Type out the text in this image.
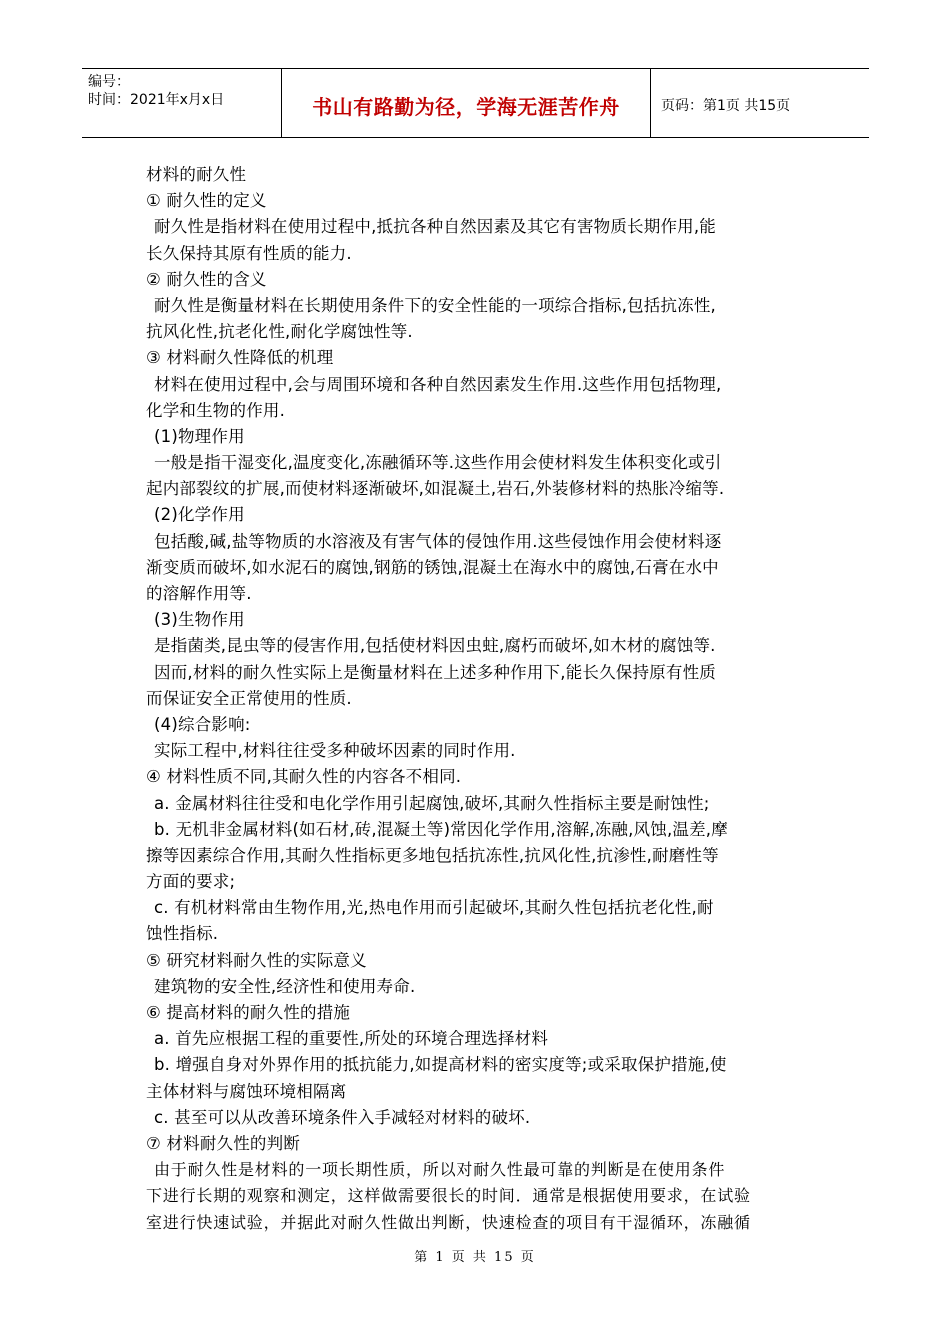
编号：
时间：2021年x月x日	书山有路勤为径，学海无涯苦作舟	页码：第1页 共15页
材料的耐久性
① 耐久性的定义
耐久性是指材料在使用过程中,抵抗各种自然因素及其它有害物质长期作用,能
长久保持其原有性质的能力.
② 耐久性的含义
耐久性是衡量材料在长期使用条件下的安全性能的一项综合指标,包括抗冻性,
抗风化性,抗老化性,耐化学腐蚀性等.
③ 材料耐久性降低的机理
材料在使用过程中,会与周围环境和各种自然因素发生作用.这些作用包括物理,
化学和生物的作用.
(1)物理作用
一般是指干湿变化,温度变化,冻融循环等.这些作用会使材料发生体积变化或引
起内部裂纹的扩展,而使材料逐渐破坏,如混凝土,岩石,外装修材料的热胀冷缩等.
(2)化学作用
包括酸,碱,盐等物质的水溶液及有害气体的侵蚀作用.这些侵蚀作用会使材料逐
渐变质而破坏,如水泥石的腐蚀,钢筋的锈蚀,混凝土在海水中的腐蚀,石膏在水中
的溶解作用等.
(3)生物作用
是指菌类,昆虫等的侵害作用,包括使材料因虫蛀,腐朽而破坏,如木材的腐蚀等.
因而,材料的耐久性实际上是衡量材料在上述多种作用下,能长久保持原有性质
而保证安全正常使用的性质.
(4)综合影响:
实际工程中,材料往往受多种破坏因素的同时作用.
④ 材料性质不同,其耐久性的内容各不相同.
a. 金属材料往往受和电化学作用引起腐蚀,破坏,其耐久性指标主要是耐蚀性;
b. 无机非金属材料(如石材,砖,混凝土等)常因化学作用,溶解,冻融,风蚀,温差,摩
擦等因素综合作用,其耐久性指标更多地包括抗冻性,抗风化性,抗渗性,耐磨性等
方面的要求;
c. 有机材料常由生物作用,光,热电作用而引起破坏,其耐久性包括抗老化性,耐
蚀性指标.
⑤ 研究材料耐久性的实际意义
建筑物的安全性,经济性和使用寿命.
⑥ 提高材料的耐久性的措施
a. 首先应根据工程的重要性,所处的环境合理选择材料
b. 增强自身对外界作用的抵抗能力,如提高材料的密实度等;或采取保护措施,使
主体材料与腐蚀环境相隔离
c. 甚至可以从改善环境条件入手减轻对材料的破坏.
⑦ 材料耐久性的判断
由于耐久性是材料的一项长期性质，所以对耐久性最可靠的判断是在使用条件
下进行长期的观察和测定，这样做需要很长的时间．通常是根据使用要求，在试验
室进行快速试验，并据此对耐久性做出判断，快速检查的项目有干湿循环，冻融循
第 1 页 共 15 页
